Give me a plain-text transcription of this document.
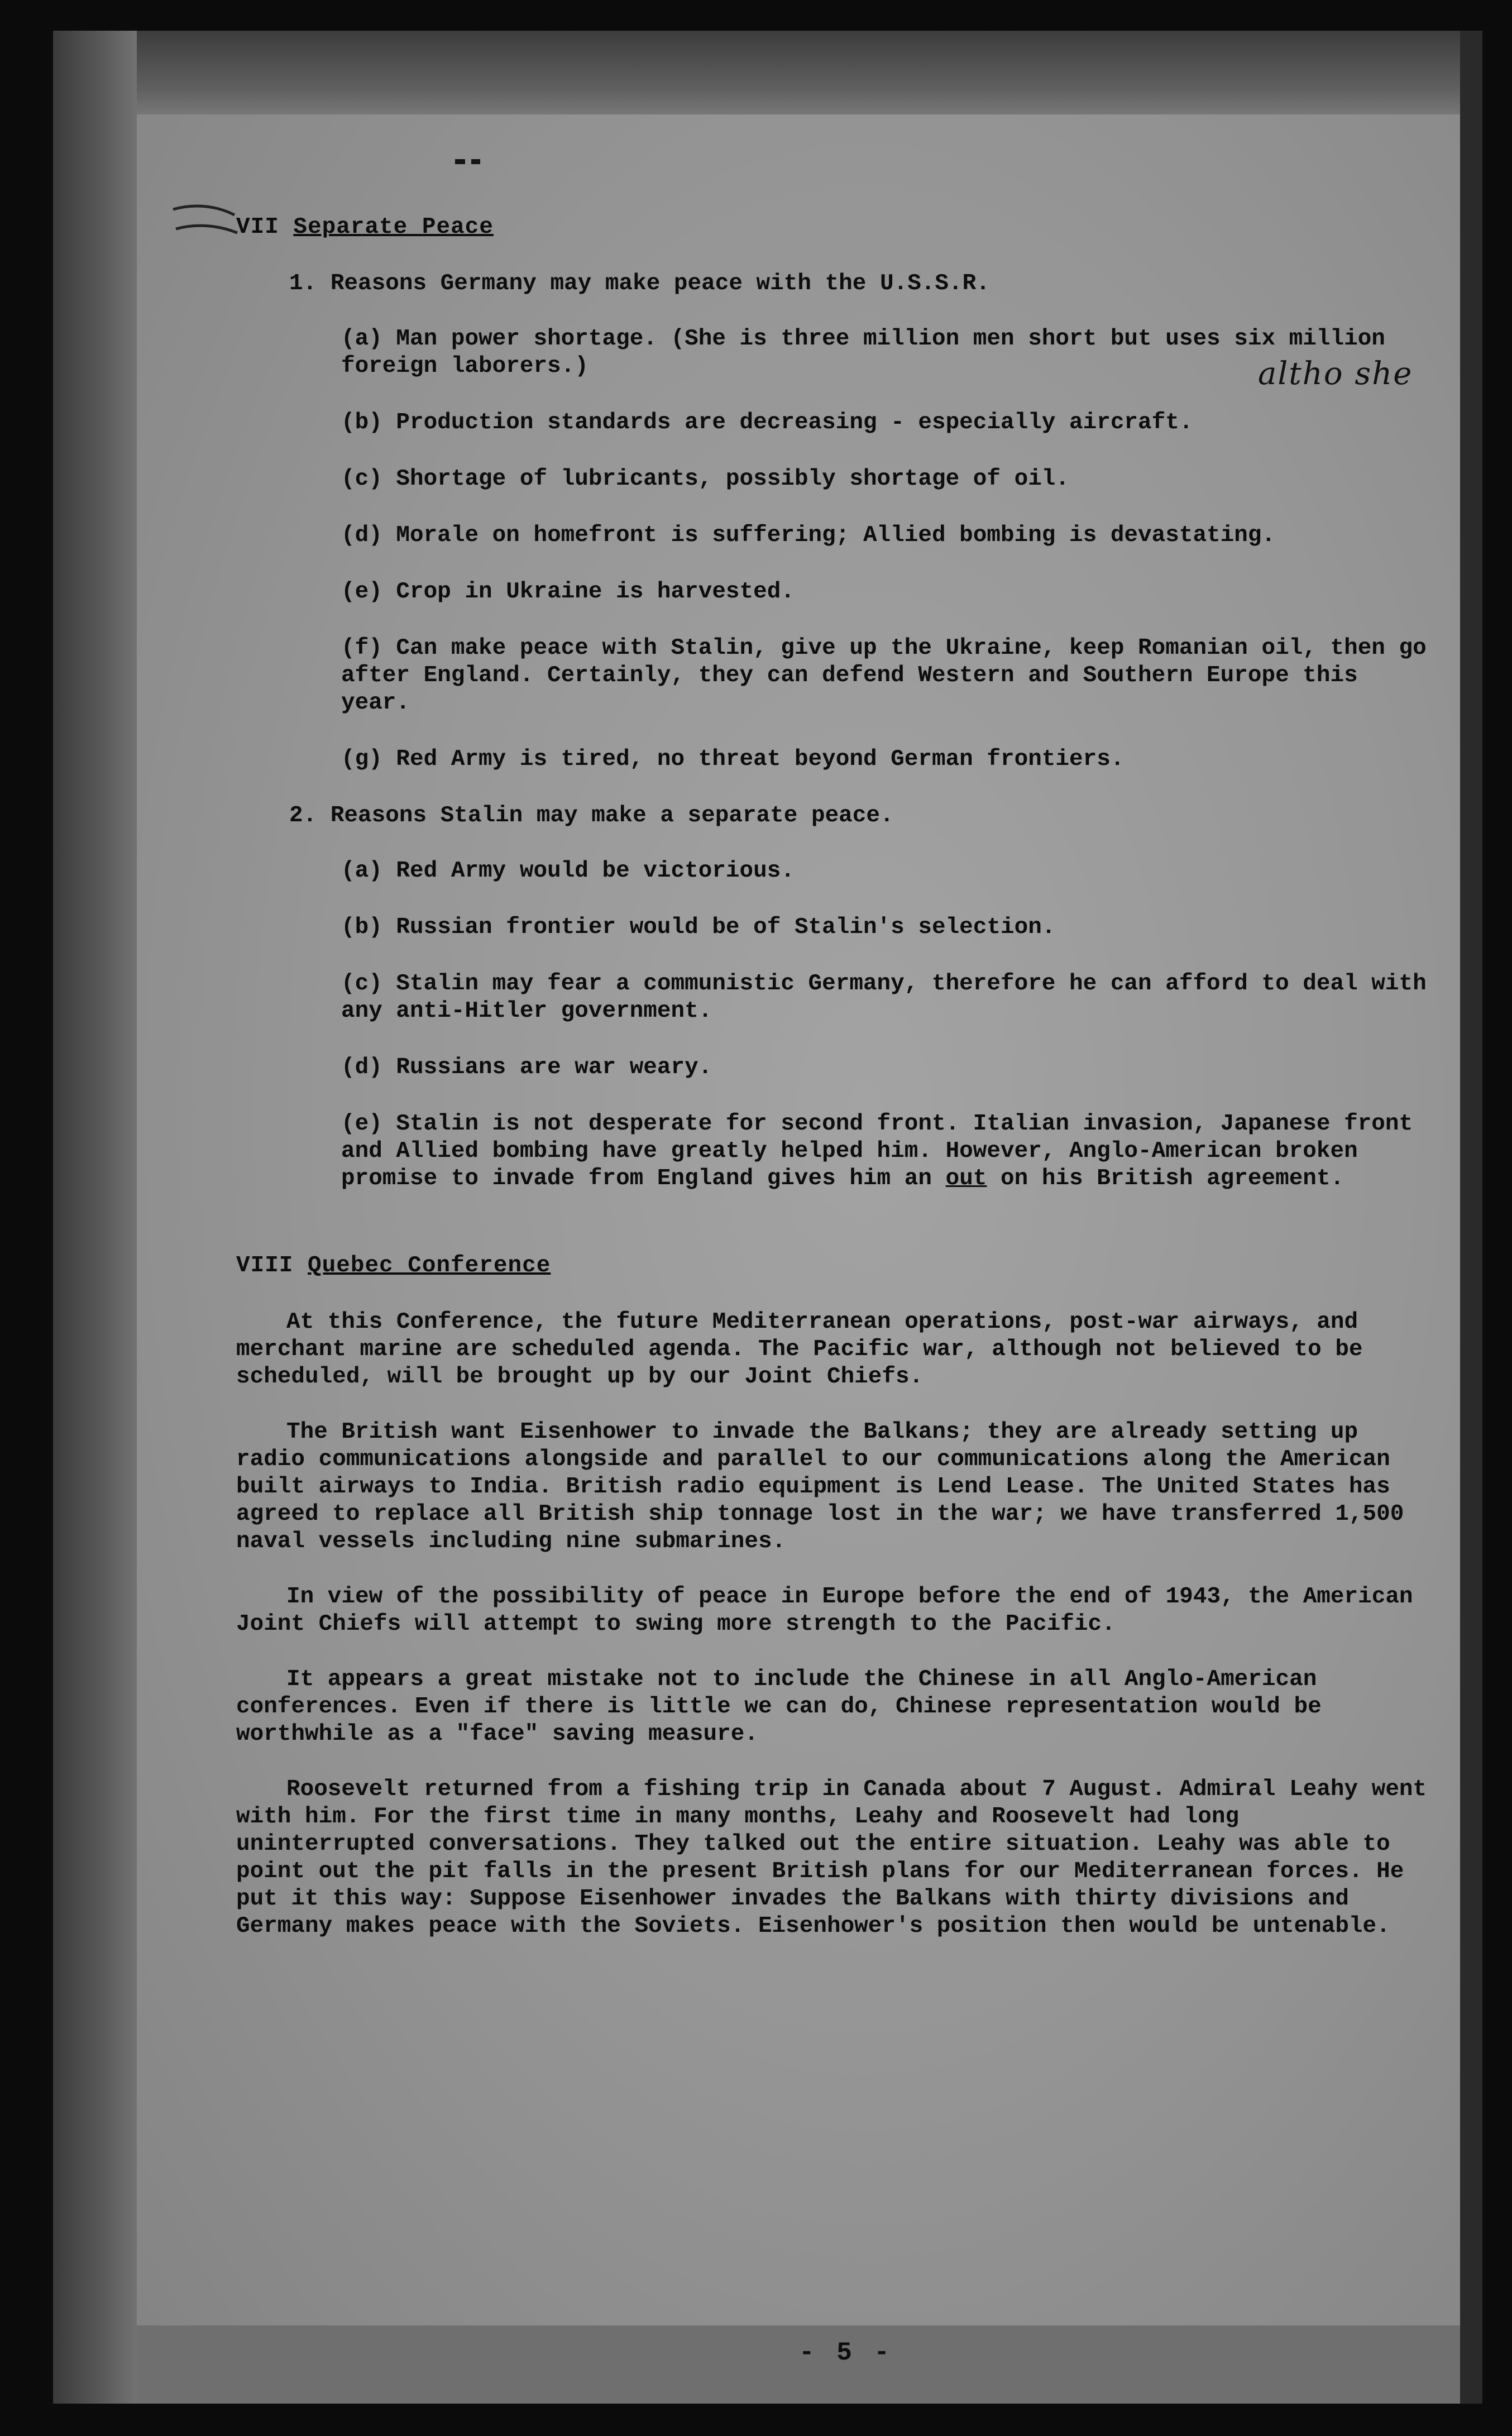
VII Separate Peace
1. Reasons Germany may make peace with the U.S.S.R.
(a) Man power shortage. (She is three million men short but uses six million foreign laborers.)
(b) Production standards are decreasing - especially aircraft.
(c) Shortage of lubricants, possibly shortage of oil.
(d) Morale on homefront is suffering; Allied bombing is devastating.
(e) Crop in Ukraine is harvested.
(f) Can make peace with Stalin, give up the Ukraine, keep Romanian oil, then go after England. Certainly, they can defend Western and Southern Europe this year.
(g) Red Army is tired, no threat beyond German frontiers.
2. Reasons Stalin may make a separate peace.
(a) Red Army would be victorious.
(b) Russian frontier would be of Stalin's selection.
(c) Stalin may fear a communistic Germany, therefore he can afford to deal with any anti-Hitler government.
(d) Russians are war weary.
(e) Stalin is not desperate for second front. Italian invasion, Japanese front and Allied bombing have greatly helped him. However, Anglo-American broken promise to invade from England gives him an out on his British agreement.
VIII Quebec Conference
At this Conference, the future Mediterranean operations, post-war airways, and merchant marine are scheduled agenda. The Pacific war, although not believed to be scheduled, will be brought up by our Joint Chiefs.
The British want Eisenhower to invade the Balkans; they are already setting up radio communications alongside and parallel to our communications along the American built airways to India. British radio equipment is Lend Lease. The United States has agreed to replace all British ship tonnage lost in the war; we have transferred 1,500 naval vessels including nine submarines.
In view of the possibility of peace in Europe before the end of 1943, the American Joint Chiefs will attempt to swing more strength to the Pacific.
It appears a great mistake not to include the Chinese in all Anglo-American conferences. Even if there is little we can do, Chinese representation would be worthwhile as a "face" saving measure.
Roosevelt returned from a fishing trip in Canada about 7 August. Admiral Leahy went with him. For the first time in many months, Leahy and Roosevelt had long uninterrupted conversations. They talked out the entire situation. Leahy was able to point out the pit falls in the present British plans for our Mediterranean forces. He put it this way: Suppose Eisenhower invades the Balkans with thirty divisions and Germany makes peace with the Soviets. Eisenhower's position then would be untenable.
altho she
- 5 -
